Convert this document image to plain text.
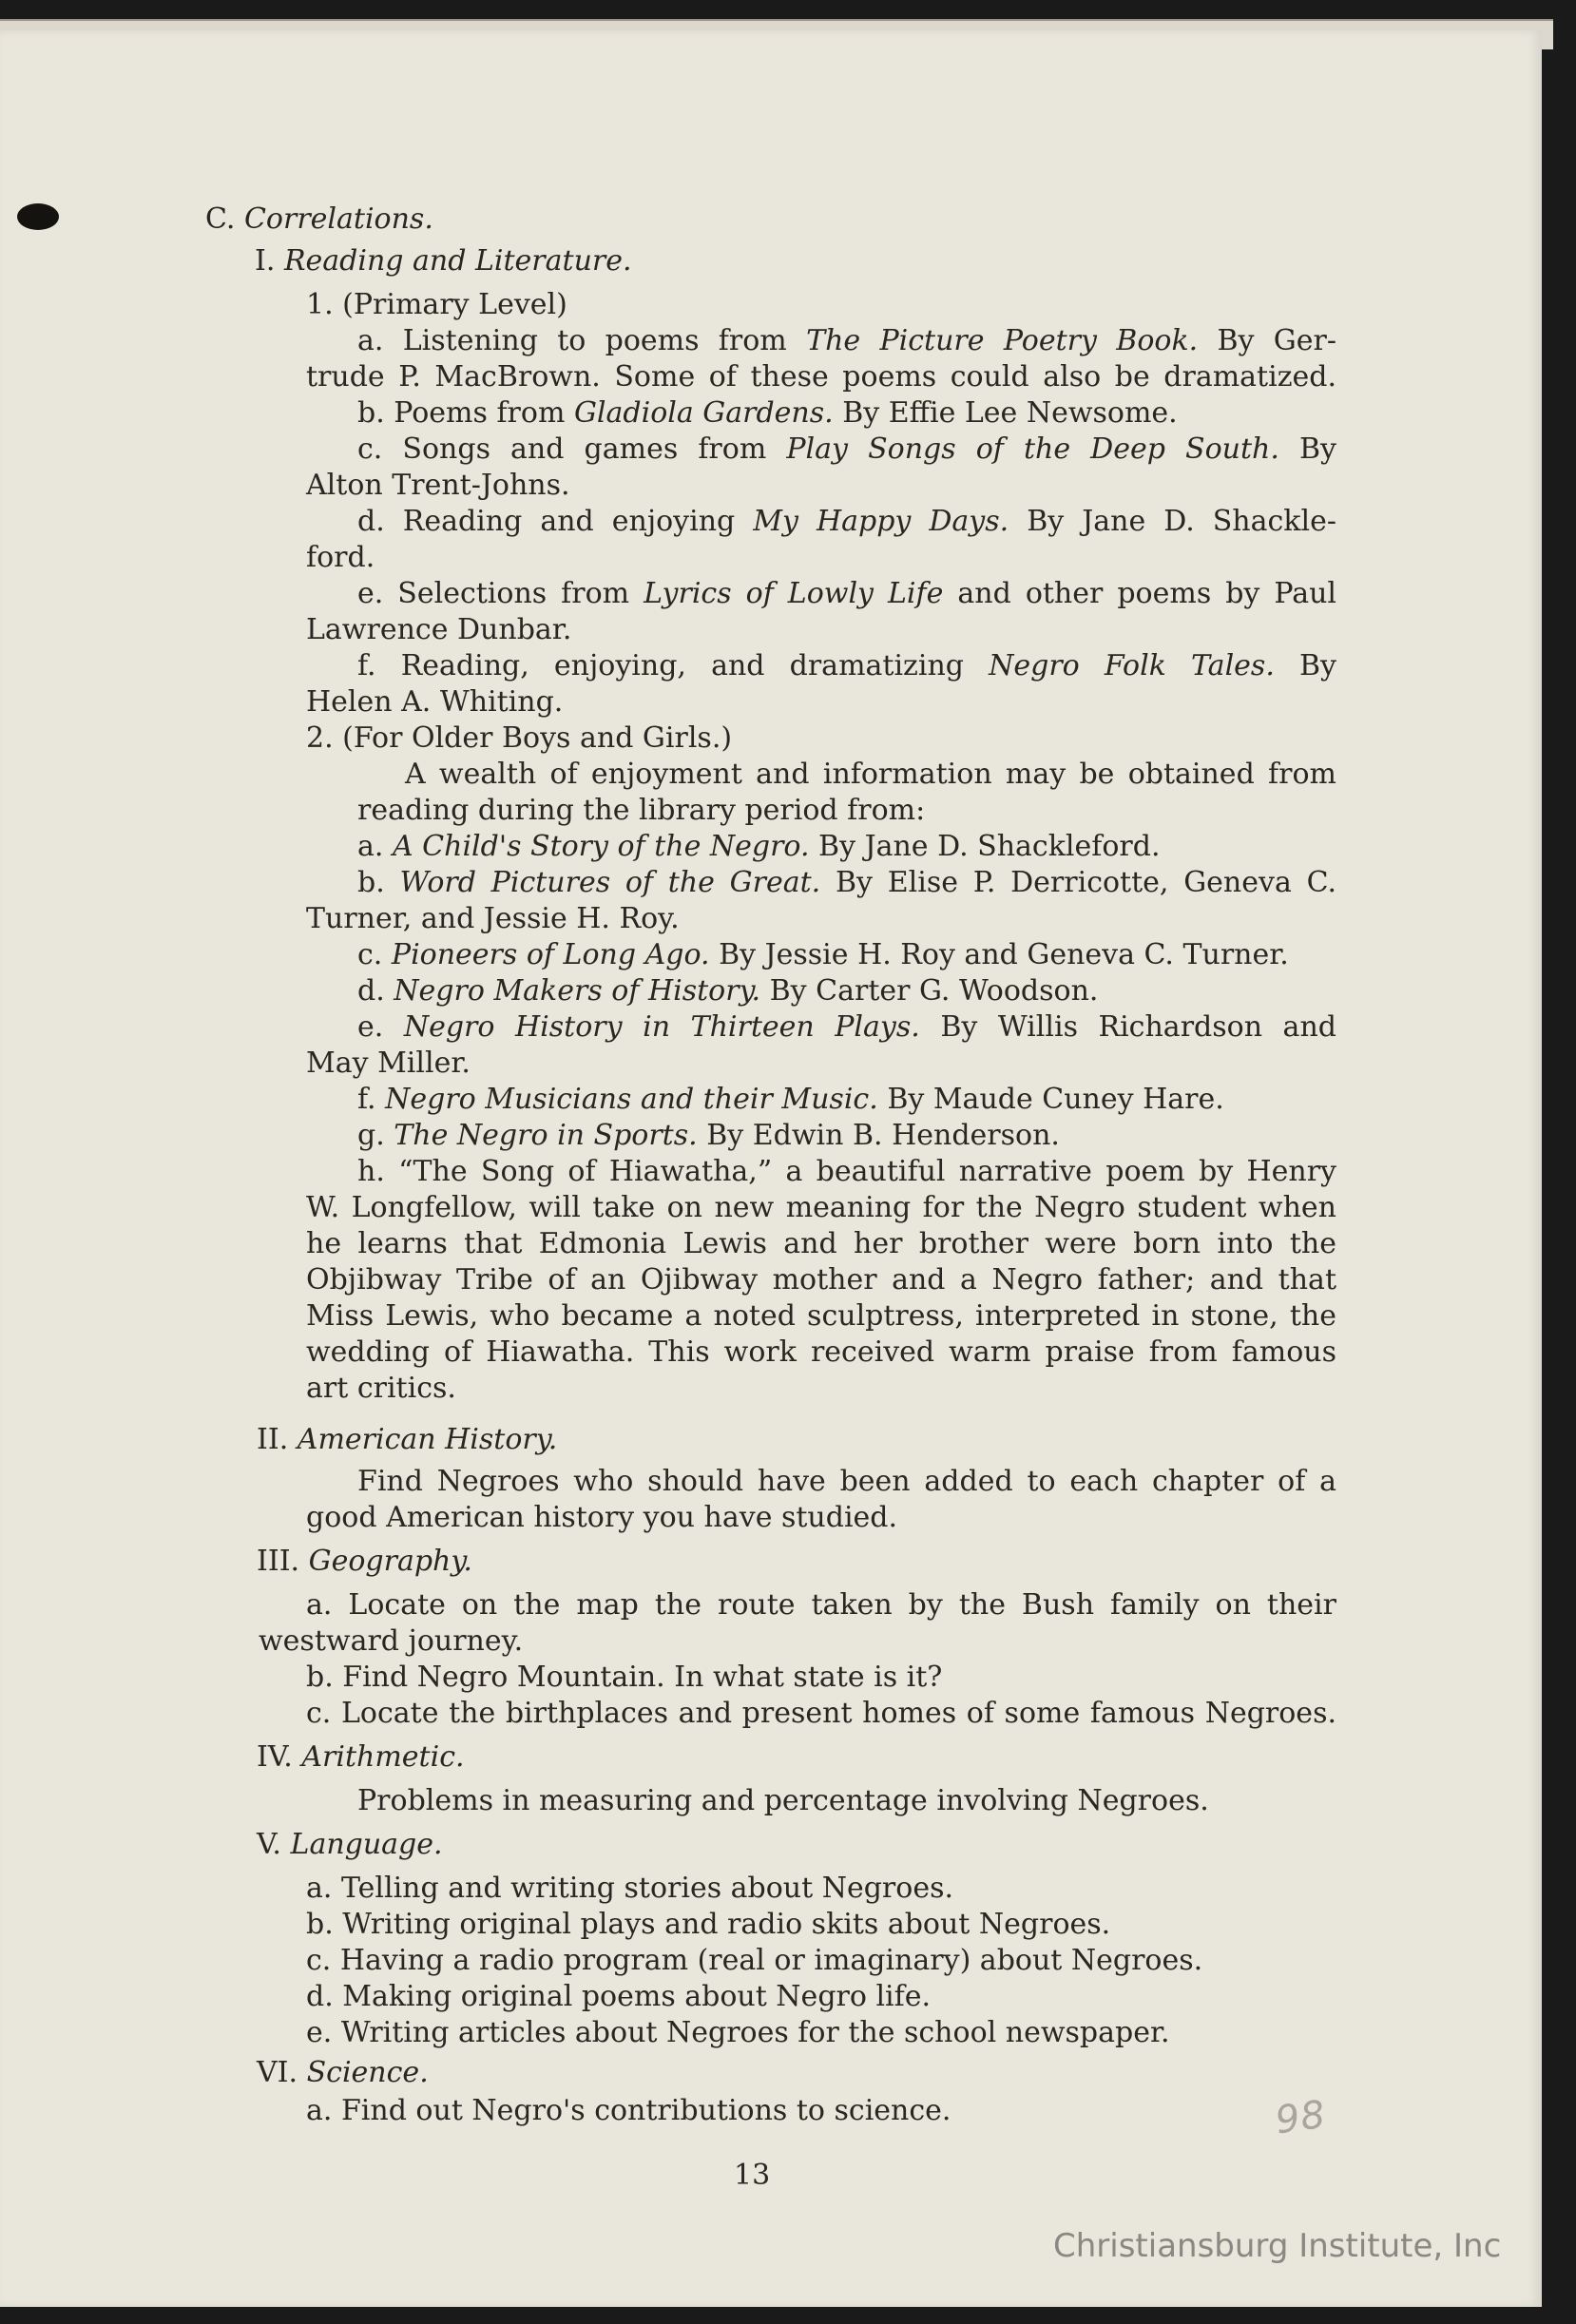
C. Correlations.
I. Reading and Literature.
1. (Primary Level)
a. Listening to poems from The Picture Poetry Book. By Ger-
trude P. MacBrown. Some of these poems could also be dramatized.
b. Poems from Gladiola Gardens. By Effie Lee Newsome.
c. Songs and games from Play Songs of the Deep South. By
Alton Trent-Johns.
d. Reading and enjoying My Happy Days. By Jane D. Shackle-
ford.
e. Selections from Lyrics of Lowly Life and other poems by Paul
Lawrence Dunbar.
f. Reading, enjoying, and dramatizing Negro Folk Tales. By
Helen A. Whiting.
2. (For Older Boys and Girls.)
A wealth of enjoyment and information may be obtained from
reading during the library period from:
a. A Child's Story of the Negro. By Jane D. Shackleford.
b. Word Pictures of the Great. By Elise P. Derricotte, Geneva C.
Turner, and Jessie H. Roy.
c. Pioneers of Long Ago. By Jessie H. Roy and Geneva C. Turner.
d. Negro Makers of History. By Carter G. Woodson.
e. Negro History in Thirteen Plays. By Willis Richardson and
May Miller.
f. Negro Musicians and their Music. By Maude Cuney Hare.
g. The Negro in Sports. By Edwin B. Henderson.
h. “The Song of Hiawatha,” a beautiful narrative poem by Henry
W. Longfellow, will take on new meaning for the Negro student when
he learns that Edmonia Lewis and her brother were born into the
Objibway Tribe of an Ojibway mother and a Negro father; and that
Miss Lewis, who became a noted sculptress, interpreted in stone, the
wedding of Hiawatha. This work received warm praise from famous
art critics.
II. American History.
Find Negroes who should have been added to each chapter of a
good American history you have studied.
III. Geography.
a. Locate on the map the route taken by the Bush family on their
westward journey.
b. Find Negro Mountain. In what state is it?
c. Locate the birthplaces and present homes of some famous Negroes.
IV. Arithmetic.
Problems in measuring and percentage involving Negroes.
V. Language.
a. Telling and writing stories about Negroes.
b. Writing original plays and radio skits about Negroes.
c. Having a radio program (real or imaginary) about Negroes.
d. Making original poems about Negro life.
e. Writing articles about Negroes for the school newspaper.
VI. Science.
a. Find out Negro's contributions to science.	98
13
Christiansburg Institute, Inc
